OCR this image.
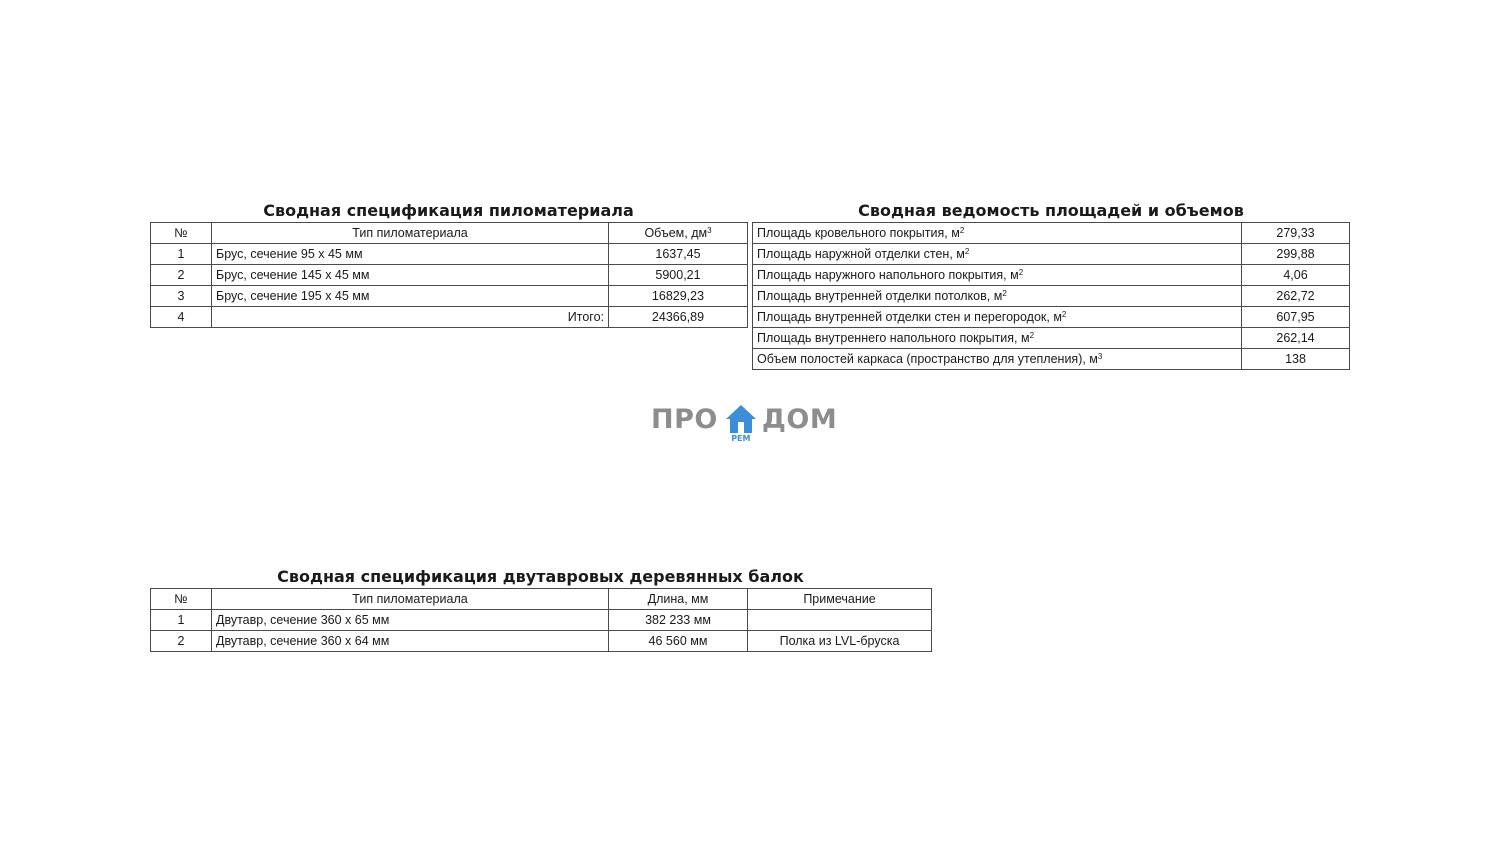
Сводная спецификация пиломатериала
№	Тип пиломатериала	Объем, $дм^3$
1	Брус, сечение 95 х 45 мм	1637,45
2	Брус, сечение 145 х 45 мм	5900,21
3	Брус, сечение 195 х 45 мм	16829,23
4	Итого:	24366,89
Сводная ведомость площадей и объемов
Площадь кровельного покрытия, $м^2$	279,33
Площадь наружной отделки стен, $м^2$	299,88
Площадь наружного напольного покрытия, $м^2$	4,06
Площадь внутренней отделки потолков, $м^2$	262,72
Площадь внутренней отделки стен и перегородок, $м^2$	607,95
Площадь внутреннего напольного покрытия, $м^2$	262,14
Объем полостей каркаса (пространство для утепления), $м^3$	138
ПРО
РЕМ
ДОМ
Сводная спецификация двутавровых деревянных балок
№	Тип пиломатериала	Длина, мм	Примечание
1	Двутавр, сечение 360 х 65 мм	382 233 мм	
2	Двутавр, сечение 360 х 64 мм	46 560 мм	Полка из LVL-бруска
